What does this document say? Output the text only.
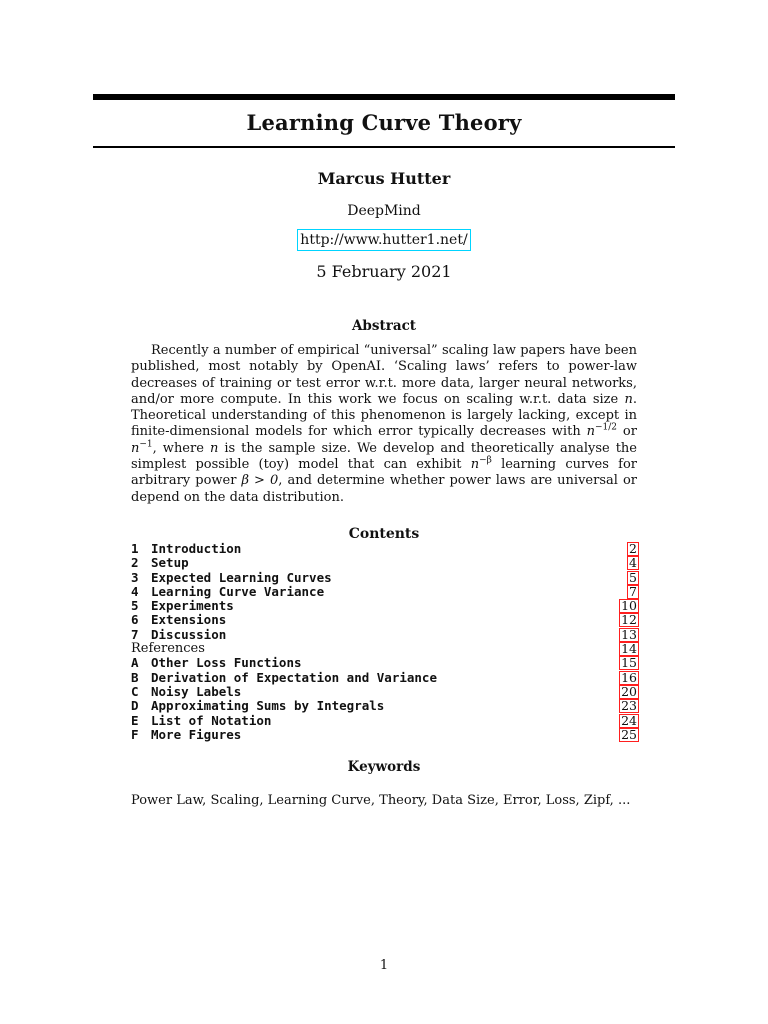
Learning Curve Theory
Marcus Hutter
DeepMind
http://www.hutter1.net/
5 February 2021
Abstract
Recently a number of empirical “universal” scaling law papers have been published, most notably by OpenAI. ‘Scaling laws’ refers to power-law decreases of training or test error w.r.t. more data, larger neural networks, and/or more compute. In this work we focus on scaling w.r.t. data size n. Theoretical understanding of this phenomenon is largely lacking, except in finite-dimensional models for which error typically decreases with $n^{-1/2}$ or $n^{-1}$, where n is the sample size. We develop and theoretically analyse the simplest possible (toy) model that can exhibit $n^{-\beta}$ learning curves for arbitrary power β > 0, and determine whether power laws are universal or depend on the data distribution.
Contents
1 Introduction	2
2 Setup	4
3 Expected Learning Curves	5
4 Learning Curve Variance	7
5 Experiments	10
6 Extensions	12
7 Discussion	13
References	14
A Other Loss Functions	15
B Derivation of Expectation and Variance	16
C Noisy Labels	20
D Approximating Sums by Integrals	23
E List of Notation	24
F More Figures	25
Keywords
Power Law, Scaling, Learning Curve, Theory, Data Size, Error, Loss, Zipf, ...
1
